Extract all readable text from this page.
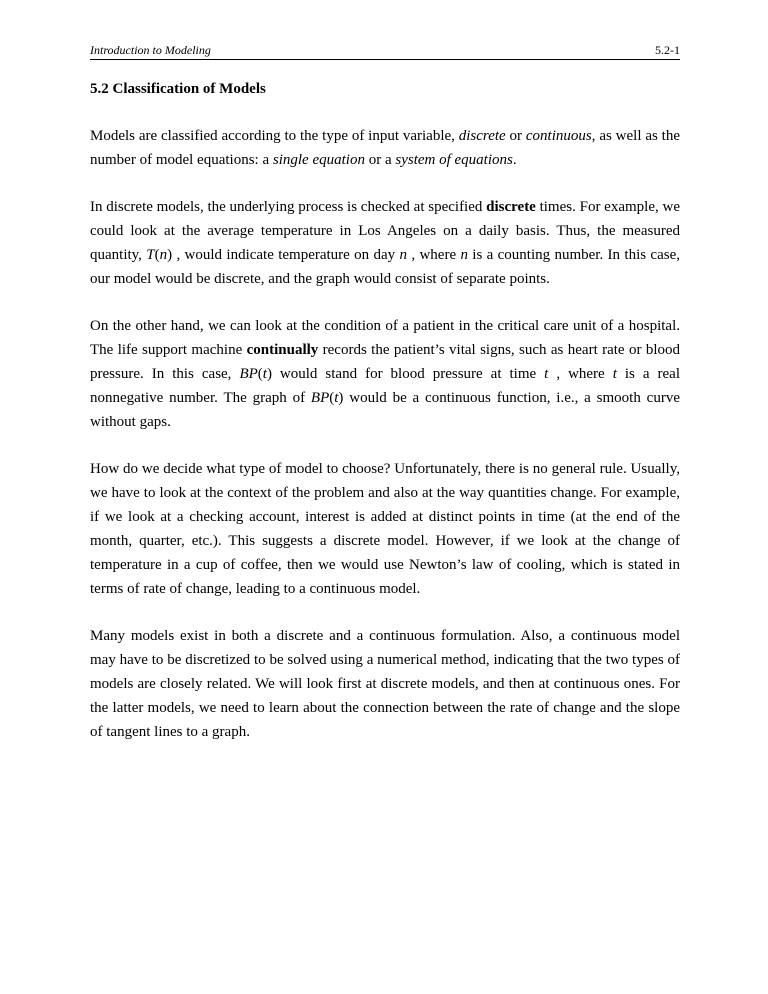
Introduction to Modeling	5.2-1

5.2 Classification of Models

Models are classified according to the type of input variable, discrete or continuous, as well as the number of model equations: a single equation or a system of equations.

In discrete models, the underlying process is checked at specified discrete times. For example, we could look at the average temperature in Los Angeles on a daily basis. Thus, the measured quantity, T(n) , would indicate temperature on day n , where n is a counting number. In this case, our model would be discrete, and the graph would consist of separate points.

On the other hand, we can look at the condition of a patient in the critical care unit of a hospital. The life support machine continually records the patient’s vital signs, such as heart rate or blood pressure. In this case, BP(t) would stand for blood pressure at time t , where t is a real nonnegative number. The graph of BP(t) would be a continuous function, i.e., a smooth curve without gaps.

How do we decide what type of model to choose? Unfortunately, there is no general rule. Usually, we have to look at the context of the problem and also at the way quantities change. For example, if we look at a checking account, interest is added at distinct points in time (at the end of the month, quarter, etc.). This suggests a discrete model. However, if we look at the change of temperature in a cup of coffee, then we would use Newton’s law of cooling, which is stated in terms of rate of change, leading to a continuous model.

Many models exist in both a discrete and a continuous formulation. Also, a continuous model may have to be discretized to be solved using a numerical method, indicating that the two types of models are closely related. We will look first at discrete models, and then at continuous ones. For the latter models, we need to learn about the connection between the rate of change and the slope of tangent lines to a graph.
